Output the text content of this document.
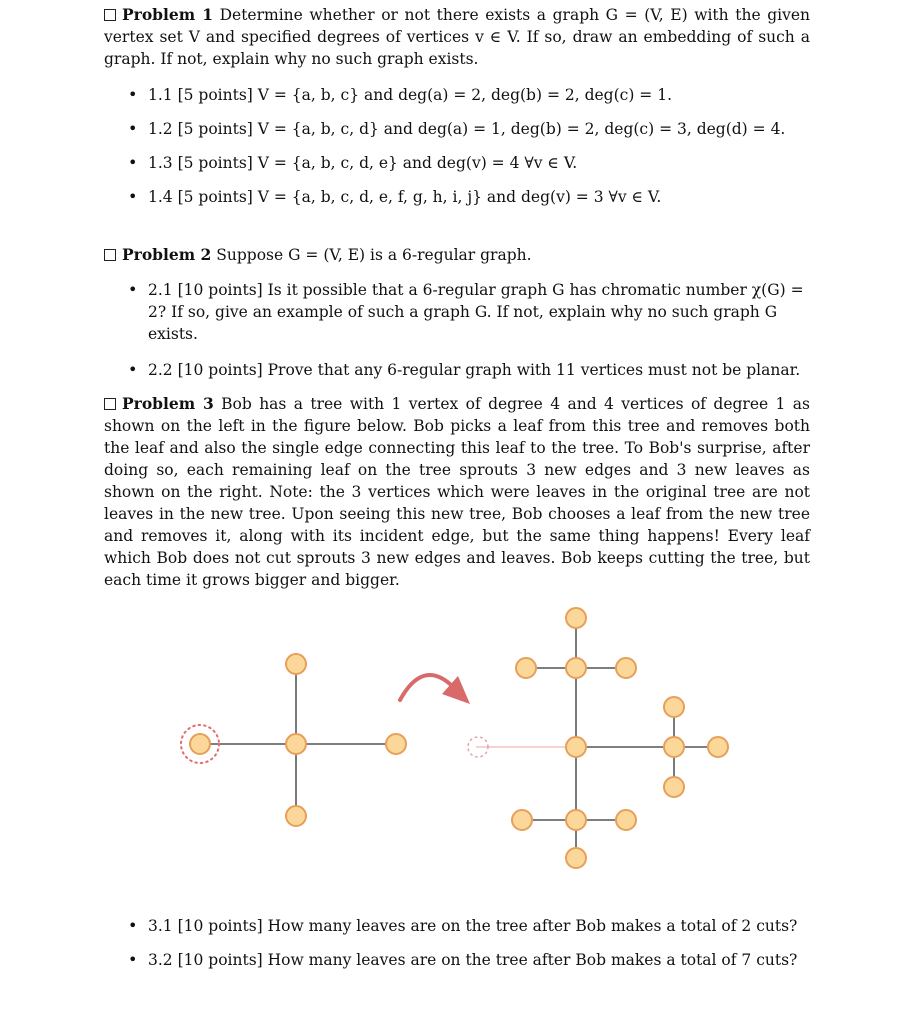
Problem 1 Determine whether or not there exists a graph G = (V, E) with the given vertex set V and specified degrees of vertices v ∈ V. If so, draw an embedding of such a graph. If not, explain why no such graph exists.
• 1.1 [5 points] V = {a, b, c} and deg(a) = 2, deg(b) = 2, deg(c) = 1.
• 1.2 [5 points] V = {a, b, c, d} and deg(a) = 1, deg(b) = 2, deg(c) = 3, deg(d) = 4.
• 1.3 [5 points] V = {a, b, c, d, e} and deg(v) = 4 ∀v ∈ V.
• 1.4 [5 points] V = {a, b, c, d, e, f, g, h, i, j} and deg(v) = 3 ∀v ∈ V.
Problem 2 Suppose G = (V, E) is a 6-regular graph.
• 2.1 [10 points] Is it possible that a 6-regular graph G has chromatic number χ(G) = 2? If so, give an example of such a graph G. If not, explain why no such graph G exists.
• 2.2 [10 points] Prove that any 6-regular graph with 11 vertices must not be planar.
Problem 3 Bob has a tree with 1 vertex of degree 4 and 4 vertices of degree 1 as shown on the left in the figure below. Bob picks a leaf from this tree and removes both the leaf and also the single edge connecting this leaf to the tree. To Bob's surprise, after doing so, each remaining leaf on the tree sprouts 3 new edges and 3 new leaves as shown on the right. Note: the 3 vertices which were leaves in the original tree are not leaves in the new tree. Upon seeing this new tree, Bob chooses a leaf from the new tree and removes it, along with its incident edge, but the same thing happens! Every leaf which Bob does not cut sprouts 3 new edges and leaves. Bob keeps cutting the tree, but each time it grows bigger and bigger.
• 3.1 [10 points] How many leaves are on the tree after Bob makes a total of 2 cuts?
• 3.2 [10 points] How many leaves are on the tree after Bob makes a total of 7 cuts?
